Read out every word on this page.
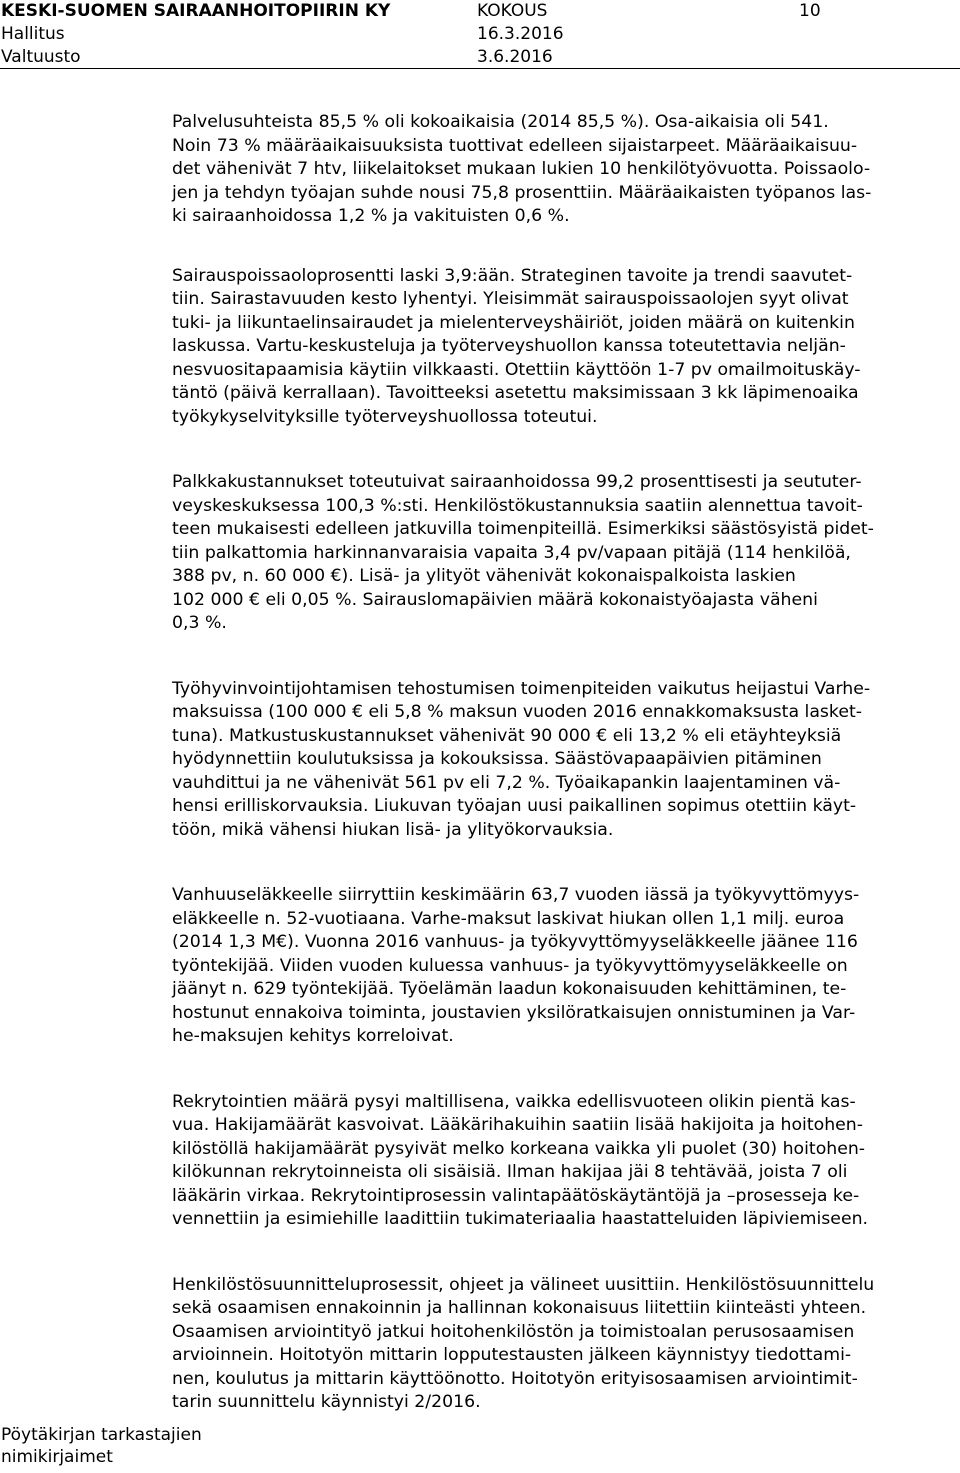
KESKI-SUOMEN SAIRAANHOITOPIIRIN KY	KOKOUS	10
Hallitus	16.3.2016
Valtuusto	3.6.2016

Palvelusuhteista 85,5 % oli kokoaikaisia (2014 85,5 %). Osa-aikaisia oli 541.
Noin 73 % määräaikaisuuksista tuottivat edelleen sijaistarpeet. Määräaikaisuu-
det vähenivät 7 htv, liikelaitokset mukaan lukien 10 henkilötyövuotta. Poissaolo-
jen ja tehdyn työajan suhde nousi 75,8 prosenttiin. Määräaikaisten työpanos las-
ki sairaanhoidossa 1,2 % ja vakituisten 0,6 %.

Sairauspoissaoloprosentti laski 3,9:ään. Strateginen tavoite ja trendi saavutet-
tiin. Sairastavuuden kesto lyhentyi. Yleisimmät sairauspoissaolojen syyt olivat
tuki- ja liikuntaelinsairaudet ja mielenterveyshäiriöt, joiden määrä on kuitenkin
laskussa. Vartu-keskusteluja ja työterveyshuollon kanssa toteutettavia neljän-
nesvuositapaamisia käytiin vilkkaasti. Otettiin käyttöön 1-7 pv omailmoituskäy-
täntö (päivä kerrallaan). Tavoitteeksi asetettu maksimissaan 3 kk läpimenoaika
työkykyselvityksille työterveyshuollossa toteutui.

Palkkakustannukset toteutuivat sairaanhoidossa 99,2 prosenttisesti ja seututer-
veyskeskuksessa 100,3 %:sti. Henkilöstökustannuksia saatiin alennettua tavoit-
teen mukaisesti edelleen jatkuvilla toimenpiteillä. Esimerkiksi säästösyistä pidet-
tiin palkattomia harkinnanvaraisia vapaita 3,4 pv/vapaan pitäjä (114 henkilöä,
388 pv, n. 60 000 €). Lisä- ja ylityöt vähenivät kokonaispalkoista laskien
102 000 € eli 0,05 %. Sairauslomapäivien määrä kokonaistyöajasta väheni
0,3 %.

Työhyvinvointijohtamisen tehostumisen toimenpiteiden vaikutus heijastui Varhe-
maksuissa (100 000 € eli 5,8 % maksun vuoden 2016 ennakkomaksusta lasket-
tuna). Matkustuskustannukset vähenivät 90 000 € eli 13,2 % eli etäyhteyksiä
hyödynnettiin koulutuksissa ja kokouksissa. Säästövapaapäivien pitäminen
vauhdittui ja ne vähenivät 561 pv eli 7,2 %. Työaikapankin laajentaminen vä-
hensi erilliskorvauksia. Liukuvan työajan uusi paikallinen sopimus otettiin käyt-
töön, mikä vähensi hiukan lisä- ja ylityökorvauksia.

Vanhuuseläkkeelle siirryttiin keskimäärin 63,7 vuoden iässä ja työkyvyttömyys-
eläkkeelle n. 52-vuotiaana. Varhe-maksut laskivat hiukan ollen 1,1 milj. euroa
(2014 1,3 M€). Vuonna 2016 vanhuus- ja työkyvyttömyyseläkkeelle jäänee 116
työntekijää. Viiden vuoden kuluessa vanhuus- ja työkyvyttömyyseläkkeelle on
jäänyt n. 629 työntekijää. Työelämän laadun kokonaisuuden kehittäminen, te-
hostunut ennakoiva toiminta, joustavien yksilöratkaisujen onnistuminen ja Var-
he-maksujen kehitys korreloivat.

Rekrytointien määrä pysyi maltillisena, vaikka edellisvuoteen olikin pientä kas-
vua. Hakijamäärät kasvoivat. Lääkärihakuihin saatiin lisää hakijoita ja hoitohen-
kilöstöllä hakijamäärät pysyivät melko korkeana vaikka yli puolet (30) hoitohen-
kilökunnan rekrytoinneista oli sisäisiä. Ilman hakijaa jäi 8 tehtävää, joista 7 oli
lääkärin virkaa. Rekrytointiprosessin valintapäätöskäytäntöjä ja –prosesseja ke-
vennettiin ja esimiehille laadittiin tukimateriaalia haastatteluiden läpiviemiseen.

Henkilöstösuunnitteluprosessit, ohjeet ja välineet uusittiin. Henkilöstösuunnittelu
sekä osaamisen ennakoinnin ja hallinnan kokonaisuus liitettiin kiinteästi yhteen.
Osaamisen arviointityö jatkui hoitohenkilöstön ja toimistoalan perusosaamisen
arvioinnein. Hoitotyön mittarin lopputestausten jälkeen käynnistyy tiedottami-
nen, koulutus ja mittarin käyttöönotto. Hoitotyön erityisosaamisen arviointimit-
tarin suunnittelu käynnistyi 2/2016.

Pöytäkirjan tarkastajien
nimikirjaimet
